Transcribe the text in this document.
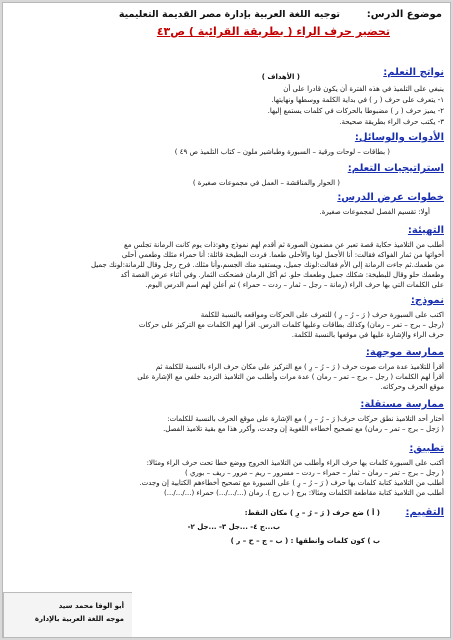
موضوع الدرس:
توجيه اللغة العربية بإدارة مصر القديمة التعليمية
تحضير حرف الراء ( بطريقة القرائية ) ص٤٣
نواتج التعلم:
( الأهداف )
ينبغي على التلميذ في هذه الفترة أن يكون قادرا على أن
١- يتعرف على حرف ( ر ) في بداية الكلمة ووسطها ونهايتها.
٢- يميز حرف ( ر ) مضبوطا بالحركات في كلمات يستمع إليها.
٣- يكتب حرف الراء بطريقة صحيحة.
الأدوات والوسائل:
( بطاقات – لوحات ورقية – السبورة وطباشير ملون – كتاب التلميذ ص ٤٩ )
استراتيجيات التعلم:
( الحوار والمناقشة – العمل في مجموعات صغيرة )
خطوات عرض الدرس:
أولا: تقسيم الفصل لمجموعات صغيرة.
التهيئة:
أطلب من التلاميذ حكاية قصة تعبر عن مضمون الصورة ثم أقدم لهم نموذج وهو:ذات يوم كانت الرمانة تجلس مع
أخواتها من ثمار الفواكه فقالت: أنا الأجمل لونا والأحلى طعما. فردت البطيخة قائلة: أنا حمراء مثلك وطعمي أحلى
من طعمك.ثم جاءت الرمانة إلى الأم فقالت:لونك جميل، ويستفيد منك الجسم،وأنا مثلك. فرح رجل وقال للرمانة:لونك جميل
وطعمك حلو وقال للبطيخة: شكلك جميل وطعمك حلو. ثم أكل الرمان فضحكت الثمار. وفي أثناء عرض القصة أكد
على الكلمات التي بها حرف الراء (رمانة – رجل – ثمار – ردت – حمراء ) ثم أعلن لهم اسم الدرس اليوم.
نموذج:
اكتب على السبورة حرف ( رَ – رُ – رِ ) للتعرف على الحركات ومواقعه بالنسبة للكلمة
(رجل – برج – تمر – رمان) وكذلك بطاقات وعليها كلمات الدرس. اقرأ لهم الكلمات مع التركيز على حركات
حرف الراء والإشارة عليها في موقعها بالنسبة للكلمة.
ممارسة موجهة:
أقرأ للتلاميذ عدة مرات صوت حرف ( رَ – رُ – رِ ) مع التركيز على مكان حرف الراء بالنسبة للكلمة ثم
أقرأ لهم الكلمات ( رجل – برج – تمر – رمان ) عدة مرات وأطلب من التلاميذ الترديد خلفي مع الإشارة على
موقع الحرف وحركاته.
ممارسة مستقلة:
أختار أحد التلاميذ نطق حركات حرف( رَ – رُ – رِ ) مع الإشارة على موقع الحرف بالنسبة للكلمات:
( رَجل – برج – تمر – رمان) مع تصحيح أخطاءه اللغوية إن وجدت، وأكرر هذا مع بقية تلاميذ الفصل.
تطبيق:
أكتب على السبورة كلمات بها حرف الراء وأطلب من التلاميذ الخروج ووضع خطا تحت حرف الراء ومثالا:
( رجل – برج – تمر – رمان – ثمار – حمراء – ردت – مسرور – ريم – مرور – ريف – بوري )
أطلب من التلاميذ كتابة كلمات بها حرف ( رَ – رُ – رِ ) على السبورة مع تصحيح أخطاءهم الكتابية إن وجدت.
أطلب من التلاميذ كتابة مقاطعة الكلمات ومثالا: برج ( ب رج ). رمان (.../.../...) حمراء (.../.../...)
التقييم:
( أ ) ضع حرف ( رَ – رُ – رِ ) مكان النقط:
ب...ج ٤- ...جل ٣- ...جل ٢-
ب ) كون كلمات وانطقها : ( ب – ج – ح – ر )
أبو الوفا محمد سيد
موجه اللغة العربية بالإدارة
